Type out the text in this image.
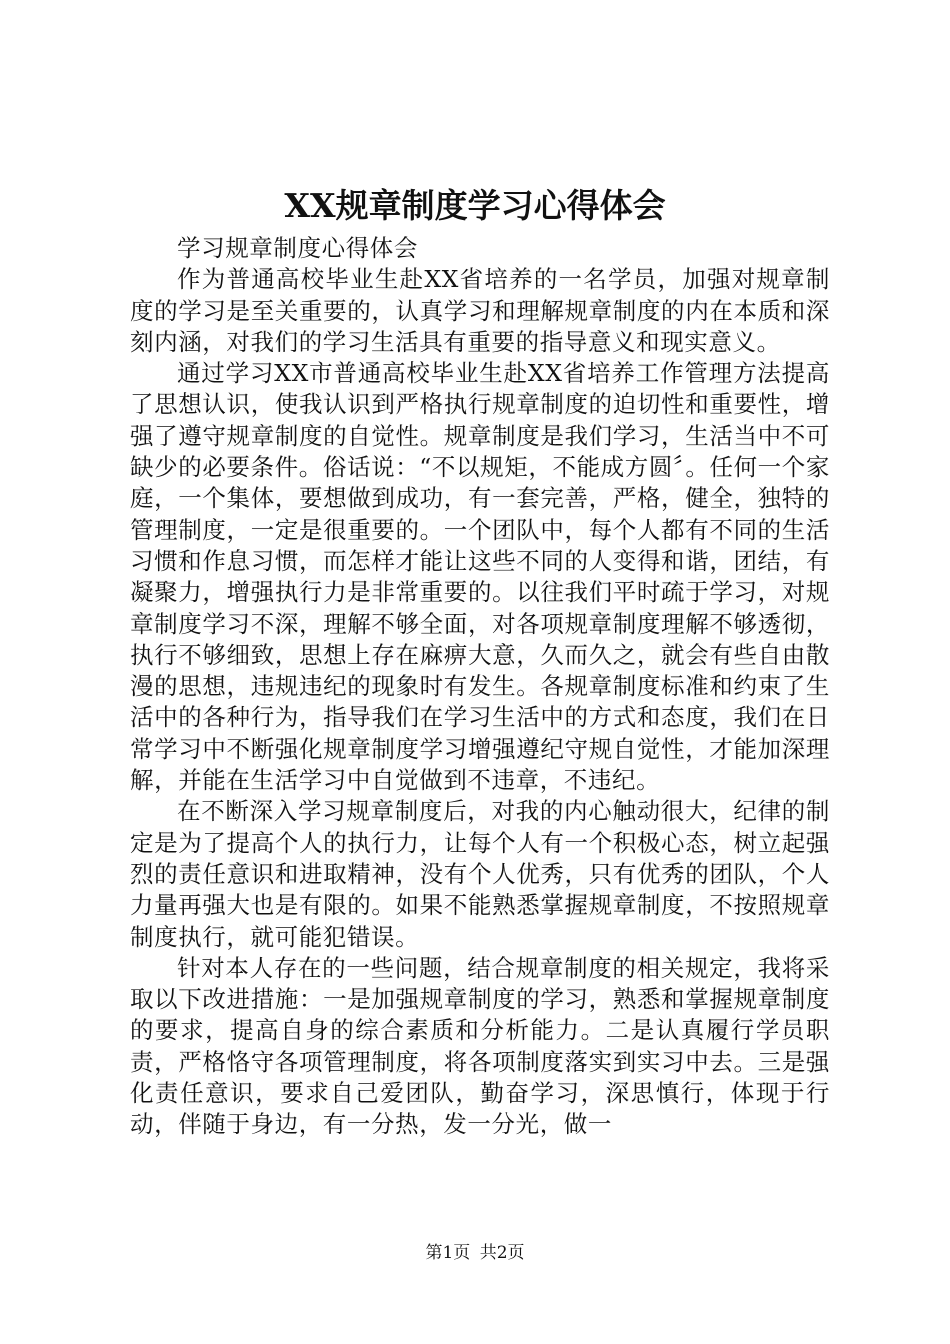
XX规章制度学习心得体会

学习规章制度心得体会

作为普通高校毕业生赴XX省培养的一名学员，加强对规章制度的学习是至关重要的，认真学习和理解规章制度的内在本质和深刻内涵，对我们的学习生活具有重要的指导意义和现实意义。

通过学习XX市普通高校毕业生赴XX省培养工作管理方法提高了思想认识，使我认识到严格执行规章制度的迫切性和重要性，增强了遵守规章制度的自觉性。规章制度是我们学习，生活当中不可缺少的必要条件。俗话说：“不以规矩，不能成方圆〞。任何一个家庭，一个集体，要想做到成功，有一套完善，严格，健全，独特的管理制度，一定是很重要的。一个团队中，每个人都有不同的生活习惯和作息习惯，而怎样才能让这些不同的人变得和谐，团结，有凝聚力，增强执行力是非常重要的。以往我们平时疏于学习，对规章制度学习不深，理解不够全面，对各项规章制度理解不够透彻，执行不够细致，思想上存在麻痹大意，久而久之，就会有些自由散漫的思想，违规违纪的现象时有发生。各规章制度标准和约束了生活中的各种行为，指导我们在学习生活中的方式和态度，我们在日常学习中不断强化规章制度学习增强遵纪守规自觉性，才能加深理解，并能在生活学习中自觉做到不违章，不违纪。

在不断深入学习规章制度后，对我的内心触动很大，纪律的制定是为了提高个人的执行力，让每个人有一个积极心态，树立起强烈的责任意识和进取精神，没有个人优秀，只有优秀的团队，个人力量再强大也是有限的。如果不能熟悉掌握规章制度，不按照规章制度执行，就可能犯错误。

针对本人存在的一些问题，结合规章制度的相关规定，我将采取以下改进措施：一是加强规章制度的学习，熟悉和掌握规章制度的要求，提高自身的综合素质和分析能力。二是认真履行学员职责，严格恪守各项管理制度，将各项制度落实到实习中去。三是强化责任意识，要求自己爱团队，勤奋学习，深思慎行，体现于行动，伴随于身边，有一分热，发一分光，做一

第1页 共2页
